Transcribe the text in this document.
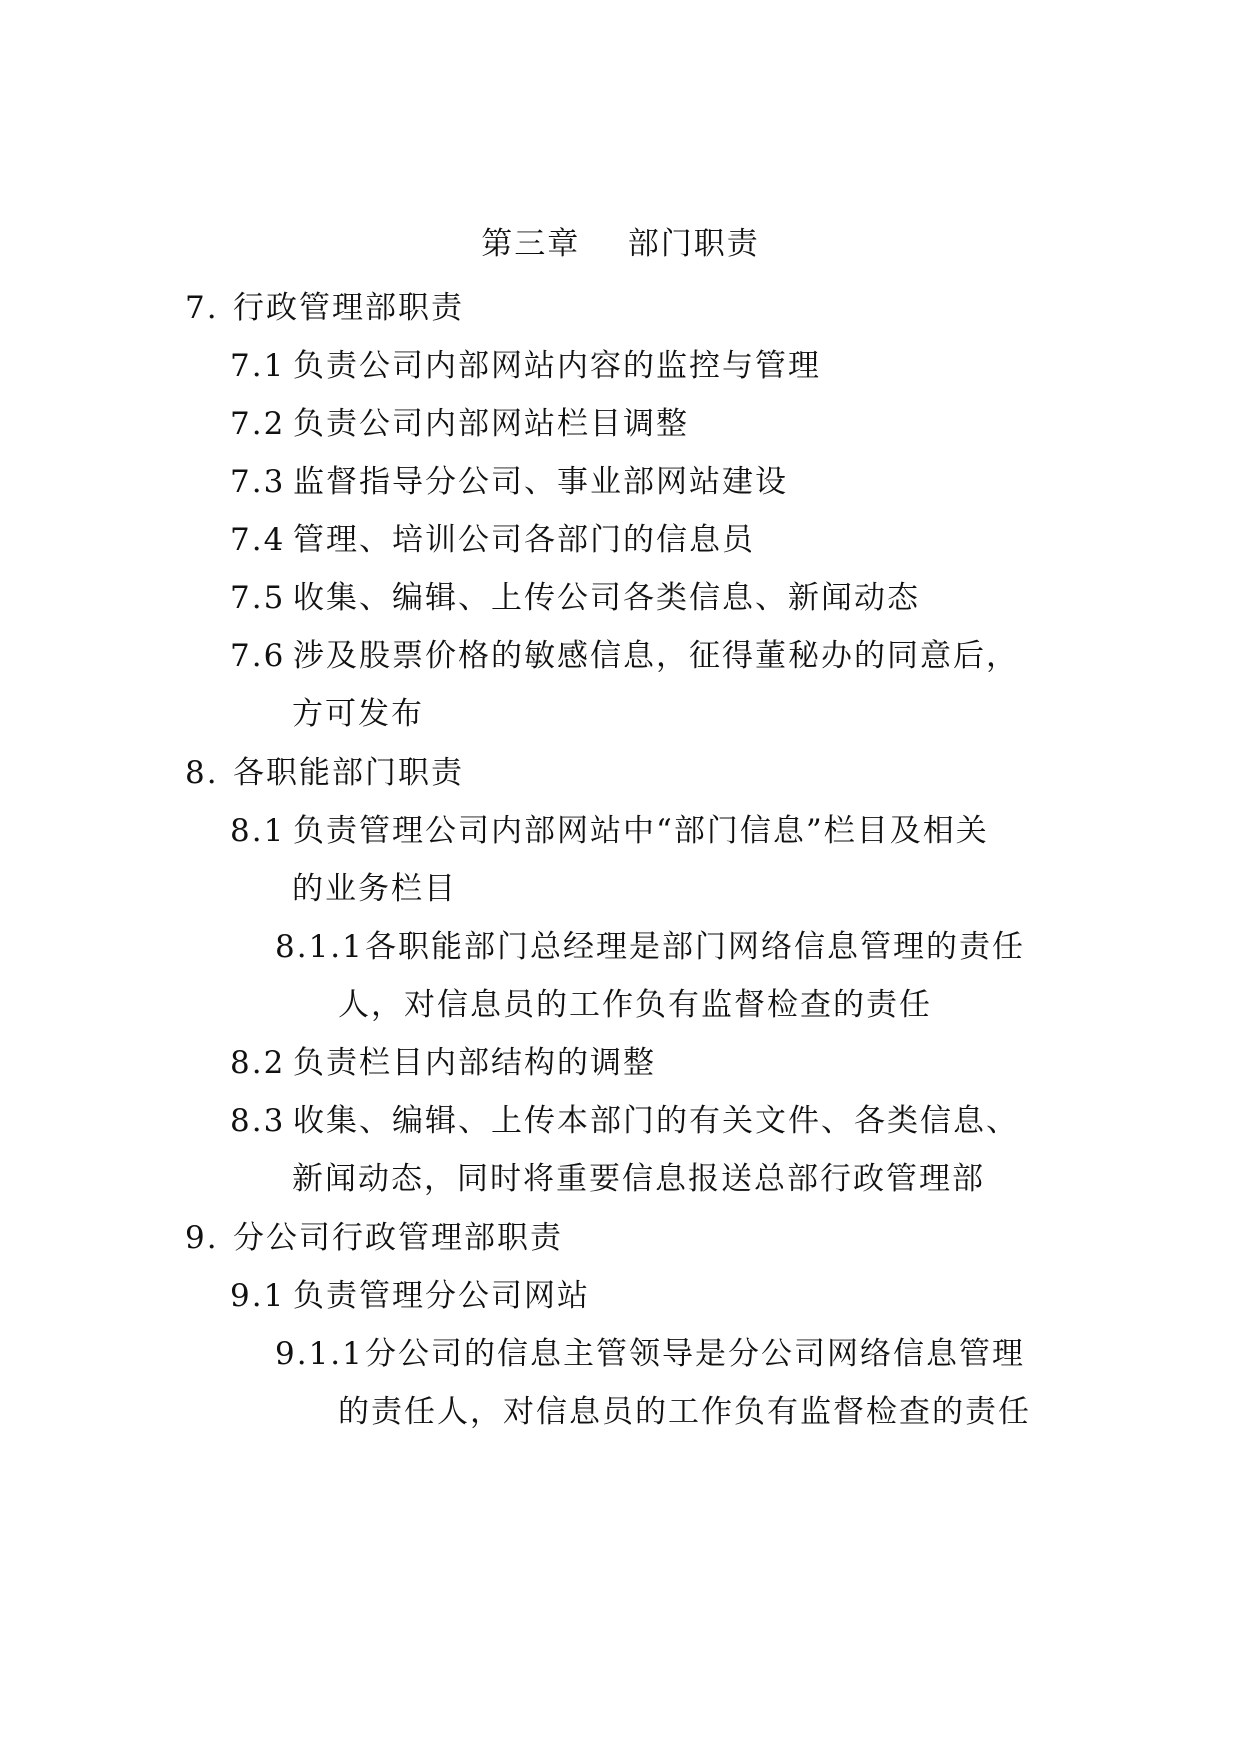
第三章    部门职责
7. 行政管理部职责
7.1 负责公司内部网站内容的监控与管理
7.2 负责公司内部网站栏目调整
7.3 监督指导分公司、事业部网站建设
7.4 管理、培训公司各部门的信息员
7.5 收集、编辑、上传公司各类信息、新闻动态
7.6 涉及股票价格的敏感信息，征得董秘办的同意后，
方可发布
8. 各职能部门职责
8.1 负责管理公司内部网站中“部门信息”栏目及相关
的业务栏目
8.1.1各职能部门总经理是部门网络信息管理的责任
人，对信息员的工作负有监督检查的责任
8.2 负责栏目内部结构的调整
8.3 收集、编辑、上传本部门的有关文件、各类信息、
新闻动态，同时将重要信息报送总部行政管理部
9. 分公司行政管理部职责
9.1 负责管理分公司网站
9.1.1分公司的信息主管领导是分公司网络信息管理
的责任人，对信息员的工作负有监督检查的责任
